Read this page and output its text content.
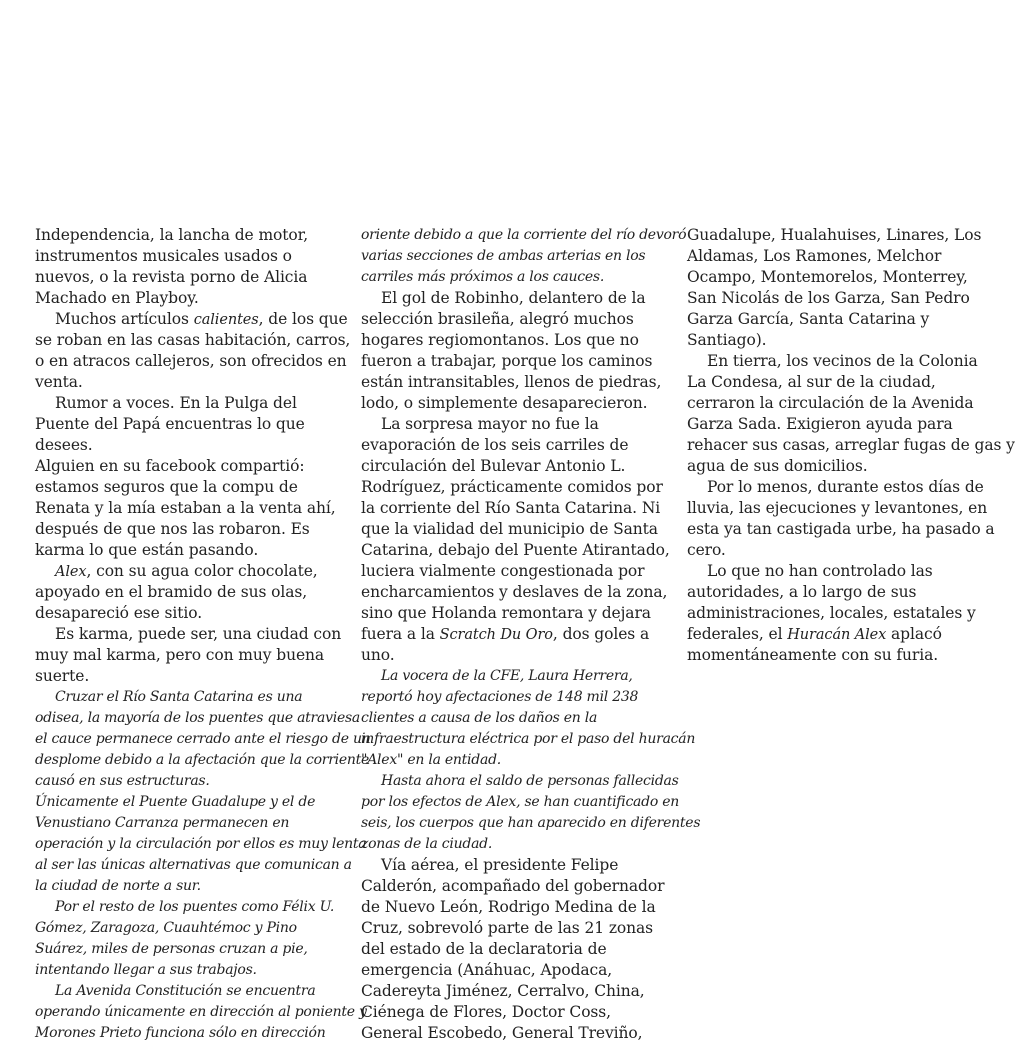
Independencia, la lancha de motor,
instrumentos musicales usados o
nuevos, o la revista porno de Alicia
Machado en Playboy.
Muchos artículos calientes, de los que
se roban en las casas habitación, carros,
o en atracos callejeros, son ofrecidos en
venta.
Rumor a voces. En la Pulga del
Puente del Papá encuentras lo que
desees.
Alguien en su facebook compartió:
estamos seguros que la compu de
Renata y la mía estaban a la venta ahí,
después de que nos las robaron. Es
karma lo que están pasando.
Alex, con su agua color chocolate,
apoyado en el bramido de sus olas,
desapareció ese sitio.
Es karma, puede ser, una ciudad con
muy mal karma, pero con muy buena
suerte.
Cruzar el Río Santa Catarina es una
odisea, la mayoría de los puentes que atraviesa
el cauce permanece cerrado ante el riesgo de un
desplome debido a la afectación que la corriente
causó en sus estructuras.
Únicamente el Puente Guadalupe y el de
Venustiano Carranza permanecen en
operación y la circulación por ellos es muy lenta
al ser las únicas alternativas que comunican a
la ciudad de norte a sur.
Por el resto de los puentes como Félix U.
Gómez, Zaragoza, Cuauhtémoc y Pino
Suárez, miles de personas cruzan a pie,
intentando llegar a sus trabajos.
La Avenida Constitución se encuentra
operando únicamente en dirección al poniente y
Morones Prieto funciona sólo en dirección
oriente debido a que la corriente del río devoró
varias secciones de ambas arterias en los
carriles más próximos a los cauces.
El gol de Robinho, delantero de la
selección brasileña, alegró muchos
hogares regiomontanos. Los que no
fueron a trabajar, porque los caminos
están intransitables, llenos de piedras,
lodo, o simplemente desaparecieron.
La sorpresa mayor no fue la
evaporación de los seis carriles de
circulación del Bulevar Antonio L.
Rodríguez, prácticamente comidos por
la corriente del Río Santa Catarina. Ni
que la vialidad del municipio de Santa
Catarina, debajo del Puente Atirantado,
luciera vialmente congestionada por
encharcamientos y deslaves de la zona,
sino que Holanda remontara y dejara
fuera a la Scratch Du Oro, dos goles a
uno.
La vocera de la CFE, Laura Herrera,
reportó hoy afectaciones de 148 mil 238
clientes a causa de los daños en la
infraestructura eléctrica por el paso del huracán
"Alex" en la entidad.
Hasta ahora el saldo de personas fallecidas
por los efectos de Alex, se han cuantificado en
seis, los cuerpos que han aparecido en diferentes
zonas de la ciudad.
Vía aérea, el presidente Felipe
Calderón, acompañado del gobernador
de Nuevo León, Rodrigo Medina de la
Cruz, sobrevoló parte de las 21 zonas
del estado de la declaratoria de
emergencia (Anáhuac, Apodaca,
Cadereyta Jiménez, Cerralvo, China,
Ciénega de Flores, Doctor Coss,
General Escobedo, General Treviño,
Guadalupe, Hualahuises, Linares, Los
Aldamas, Los Ramones, Melchor
Ocampo, Montemorelos, Monterrey,
San Nicolás de los Garza, San Pedro
Garza García, Santa Catarina y
Santiago).
En tierra, los vecinos de la Colonia
La Condesa, al sur de la ciudad,
cerraron la circulación de la Avenida
Garza Sada. Exigieron ayuda para
rehacer sus casas, arreglar fugas de gas y
agua de sus domicilios.
Por lo menos, durante estos días de
lluvia, las ejecuciones y levantones, en
esta ya tan castigada urbe, ha pasado a
cero.
Lo que no han controlado las
autoridades, a lo largo de sus
administraciones, locales, estatales y
federales, el Huracán Alex aplacó
momentáneamente con su furia.
